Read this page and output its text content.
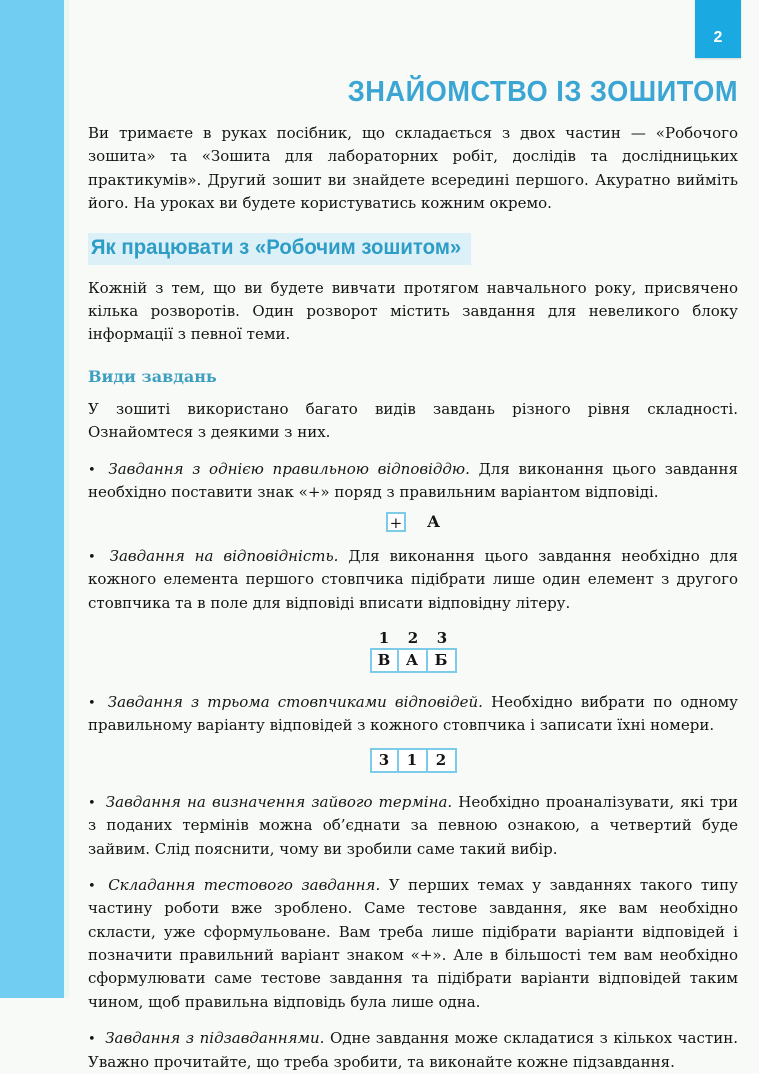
2
ЗНАЙОМСТВО ІЗ ЗОШИТОМ

Ви тримаєте в руках посібник, що складається з двох частин — «Робочого зошита» та «Зошита для лабораторних робіт, дослідів та дослідницьких практикумів». Другий зошит ви знайдете всередині першого. Акуратно вийміть його. На уроках ви будете користуватись кожним окремо.

Як працювати з «Робочим зошитом»

Кожній з тем, що ви будете вивчати протягом навчального року, присвячено кілька розворотів. Один розворот містить завдання для невеликого блоку інформації з певної теми.

Види завдань

У зошиті використано багато видів завдань різного рівня складності. Ознайомтеся з деякими з них.

• Завдання з однією правильною відповіддю. Для виконання цього завдання необхідно поставити знак «+» поряд з правильним варіантом відповіді.

+ А

• Завдання на відповідність. Для виконання цього завдання необхідно для кожного елемента першого стовпчика підібрати лише один елемент з другого стовпчика та в поле для відповіді вписати відповідну літеру.

1	2	3
В	А	Б

• Завдання з трьома стовпчиками відповідей. Необхідно вибрати по одному правильному варіанту відповідей з кожного стовпчика і записати їхні номери.

3	1	2

• Завдання на визначення зайвого терміна. Необхідно проаналізувати, які три з поданих термінів можна об’єднати за певною ознакою, а четвертий буде зайвим. Слід пояснити, чому ви зробили саме такий вибір.

• Складання тестового завдання. У перших темах у завданнях такого типу частину роботи вже зроблено. Саме тестове завдання, яке вам необхідно скласти, уже сформульоване. Вам треба лише підібрати варіанти відповідей і позначити правильний варіант знаком «+». Але в більшості тем вам необхідно сформулювати саме тестове завдання та підібрати варіанти відповідей таким чином, щоб правильна відповідь була лише одна.

• Завдання з підзавданнями. Одне завдання може складатися з кількох частин. Уважно прочитайте, що треба зробити, та виконайте кожне підзавдання.
